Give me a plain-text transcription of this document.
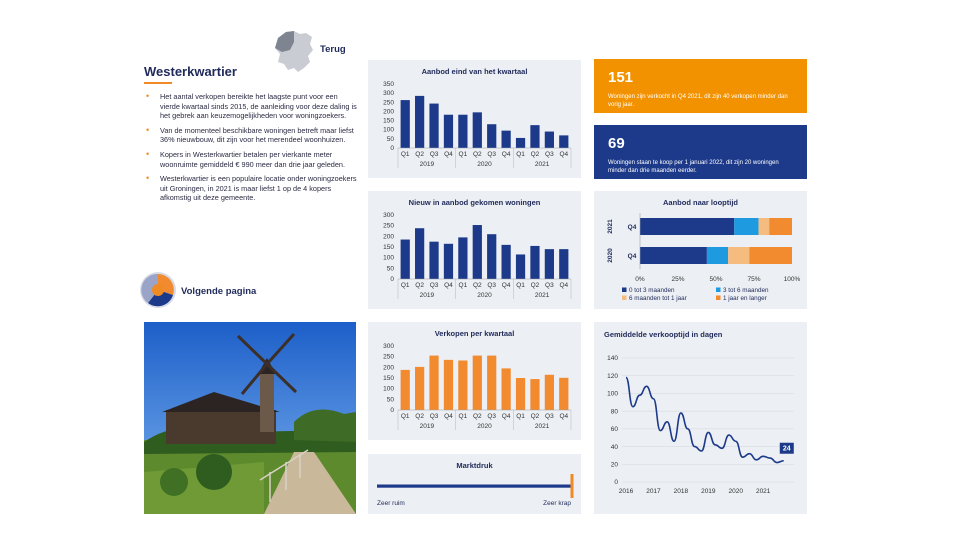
Terug
Westerkwartier
• Het aantal verkopen bereikte het laagste punt voor een vierde kwartaal sinds 2015, de aanleiding voor deze daling is het gebrek aan keuzemogelijkheden voor woningzoekers.
• Van de momenteel beschikbare woningen betreft maar liefst 36% nieuwbouw, dit zijn voor het merendeel woonhuizen.
• Kopers in Westerkwartier betalen per vierkante meter woonruimte gemiddeld € 990 meer dan drie jaar geleden.
• Westerkwartier is een populaire locatie onder woningzoekers uit Groningen, in 2021 is maar liefst 1 op de 4 kopers afkomstig uit deze gemeente.
Volgende pagina
Aanbod eind van het kwartaal
0
50
100
150
200
250
300
350
Q1 Q2 Q3 Q4 Q1 Q2 Q3 Q4 Q1 Q2 Q3 Q4
2019	2020	2021
Nieuw in aanbod gekomen woningen
0
50
100
150
200
250
300
Q1 Q2 Q3 Q4 Q1 Q2 Q3 Q4 Q1 Q2 Q3 Q4
2019	2020	2021
Verkopen per kwartaal
0
50
100
150
200
250
300
Q1 Q2 Q3 Q4 Q1 Q2 Q3 Q4 Q1 Q2 Q3 Q4
2019	2020	2021
Marktdruk
Zeer ruim	Zeer krap
151
Woningen zijn verkocht in Q4 2021, dit zijn 40 verkopen minder dan vorig jaar.
69
Woningen staan te koop per 1 januari 2022, dit zijn 20 woningen minder dan drie maanden eerder.
Aanbod naar looptijd
2021 Q4
2020 Q4
0%	25%	50%	75%	100%
0 tot 3 maanden	3 tot 6 maanden
6 maanden tot 1 jaar	1 jaar en langer
Gemiddelde verkooptijd in dagen
0
20
40
60
80
100
120
140
2016 2017 2018 2019 2020 2021
24
